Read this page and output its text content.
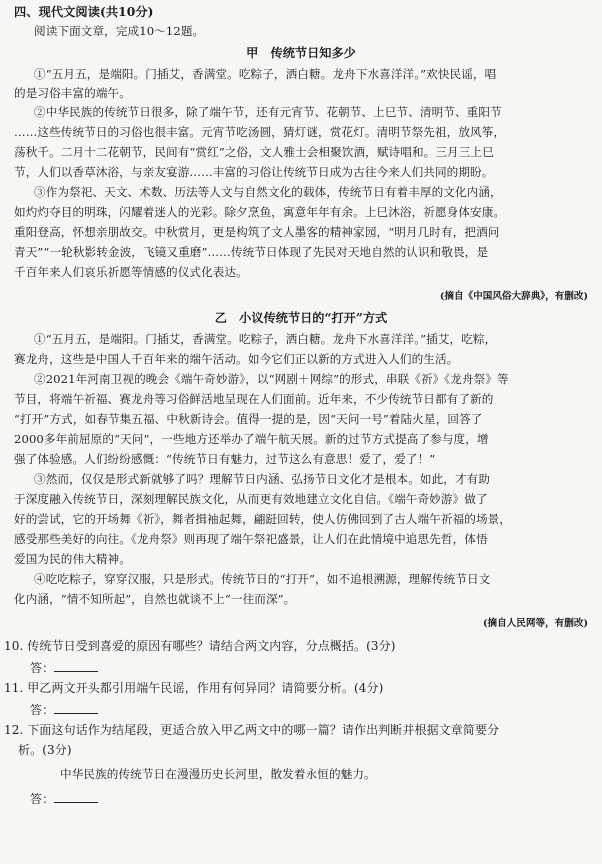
四、现代文阅读(共10分)
阅读下面文章，完成10～12题。
甲　传统节日知多少
①“五月五，是端阳。门插艾，香满堂。吃粽子，洒白糖。龙舟下水喜洋洋。”欢快民谣，唱
的是习俗丰富的端午。
②中华民族的传统节日很多，除了端午节，还有元宵节、花朝节、上巳节、清明节、重阳节
……这些传统节日的习俗也很丰富。元宵节吃汤圆，猜灯谜，赏花灯。清明节祭先祖，放风筝，
荡秋千。二月十二花朝节，民间有“赏红”之俗，文人雅士会相聚饮酒，赋诗唱和。三月三上巳
节，人们以香草沐浴，与亲友宴游……丰富的习俗让传统节日成为古往今来人们共同的期盼。
③作为祭祀、天文、术数、历法等人文与自然文化的载体，传统节日有着丰厚的文化内涵，
如灼灼夺目的明珠，闪耀着迷人的光彩。除夕烹鱼，寓意年年有余。上巳沐浴，祈愿身体安康。
重阳登高，怀想亲朋故交。中秋赏月，更是构筑了文人墨客的精神家园，“明月几时有，把酒问
青天”“一轮秋影转金波，飞镜又重磨”……传统节日体现了先民对天地自然的认识和敬畏，是
千百年来人们哀乐祈愿等情感的仪式化表达。
(摘自《中国风俗大辞典》，有删改)
乙　小议传统节日的“打开”方式
①“五月五，是端阳。门插艾，香满堂。吃粽子，洒白糖。龙舟下水喜洋洋。”插艾，吃粽，
赛龙舟，这些是中国人千百年来的端午活动。如今它们正以新的方式进入人们的生活。
②2021年河南卫视的晚会《端午奇妙游》，以“网剧＋网综”的形式，串联《祈》《龙舟祭》等
节目，将端午祈福、赛龙舟等习俗鲜活地呈现在人们面前。近年来，不少传统节日都有了新的
“打开”方式，如春节集五福、中秋新诗会。值得一提的是，因“天问一号”着陆火星，回答了
2000多年前屈原的“天问”，一些地方还举办了端午航天展。新的过节方式提高了参与度，增
强了体验感。人们纷纷感慨：“传统节日有魅力，过节这么有意思！爱了，爱了！”
③然而，仅仅是形式新就够了吗？理解节日内涵、弘扬节日文化才是根本。如此，才有助
于深度融入传统节日，深刻理解民族文化，从而更有效地建立文化自信。《端午奇妙游》做了
好的尝试，它的开场舞《祈》，舞者揖袖起舞，翩跹回转，使人仿佛回到了古人端午祈福的场景，
感受那些美好的向往。《龙舟祭》则再现了端午祭祀盛景，让人们在此情境中追思先哲，体悟
爱国为民的伟大精神。
④吃吃粽子，穿穿汉服，只是形式。传统节日的“打开”，如不追根溯源，理解传统节日文
化内涵，“情不知所起”，自然也就谈不上“一往而深”。
(摘自人民网等，有删改)
10. 传统节日受到喜爱的原因有哪些？请结合两文内容，分点概括。(3分)
答：
11. 甲乙两文开头都引用端午民谣，作用有何异同？请简要分析。(4分)
答：
12. 下面这句话作为结尾段，更适合放入甲乙两文中的哪一篇？请作出判断并根据文章简要分
析。(3分)
中华民族的传统节日在漫漫历史长河里，散发着永恒的魅力。
答：
